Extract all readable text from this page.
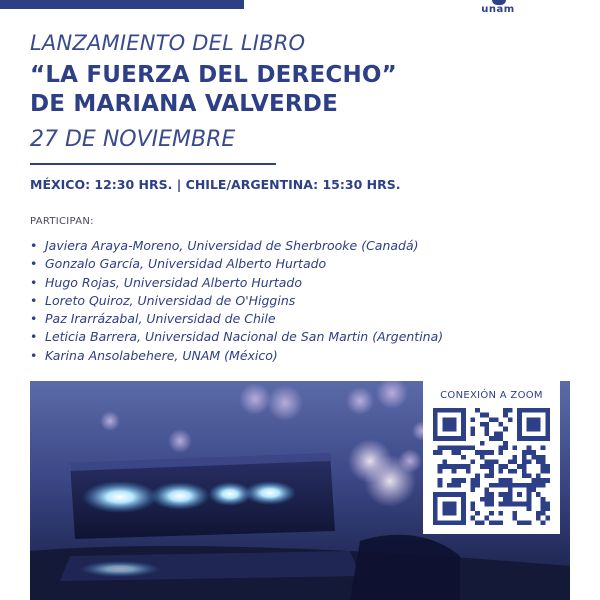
unam
LANZAMIENTO DEL LIBRO
“LA FUERZA DEL DERECHO”
DE MARIANA VALVERDE
27 DE NOVIEMBRE
MÉXICO: 12:30 HRS. | CHILE/ARGENTINA: 15:30 HRS.
PARTICIPAN:
• Javiera Araya-Moreno, Universidad de Sherbrooke (Canadá)
• Gonzalo García, Universidad Alberto Hurtado
• Hugo Rojas, Universidad Alberto Hurtado
• Loreto Quiroz, Universidad de O'Higgins
• Paz Irarrázabal, Universidad de Chile
• Leticia Barrera, Universidad Nacional de San Martin (Argentina)
• Karina Ansolabehere, UNAM (México)
CONEXIÓN A ZOOM
